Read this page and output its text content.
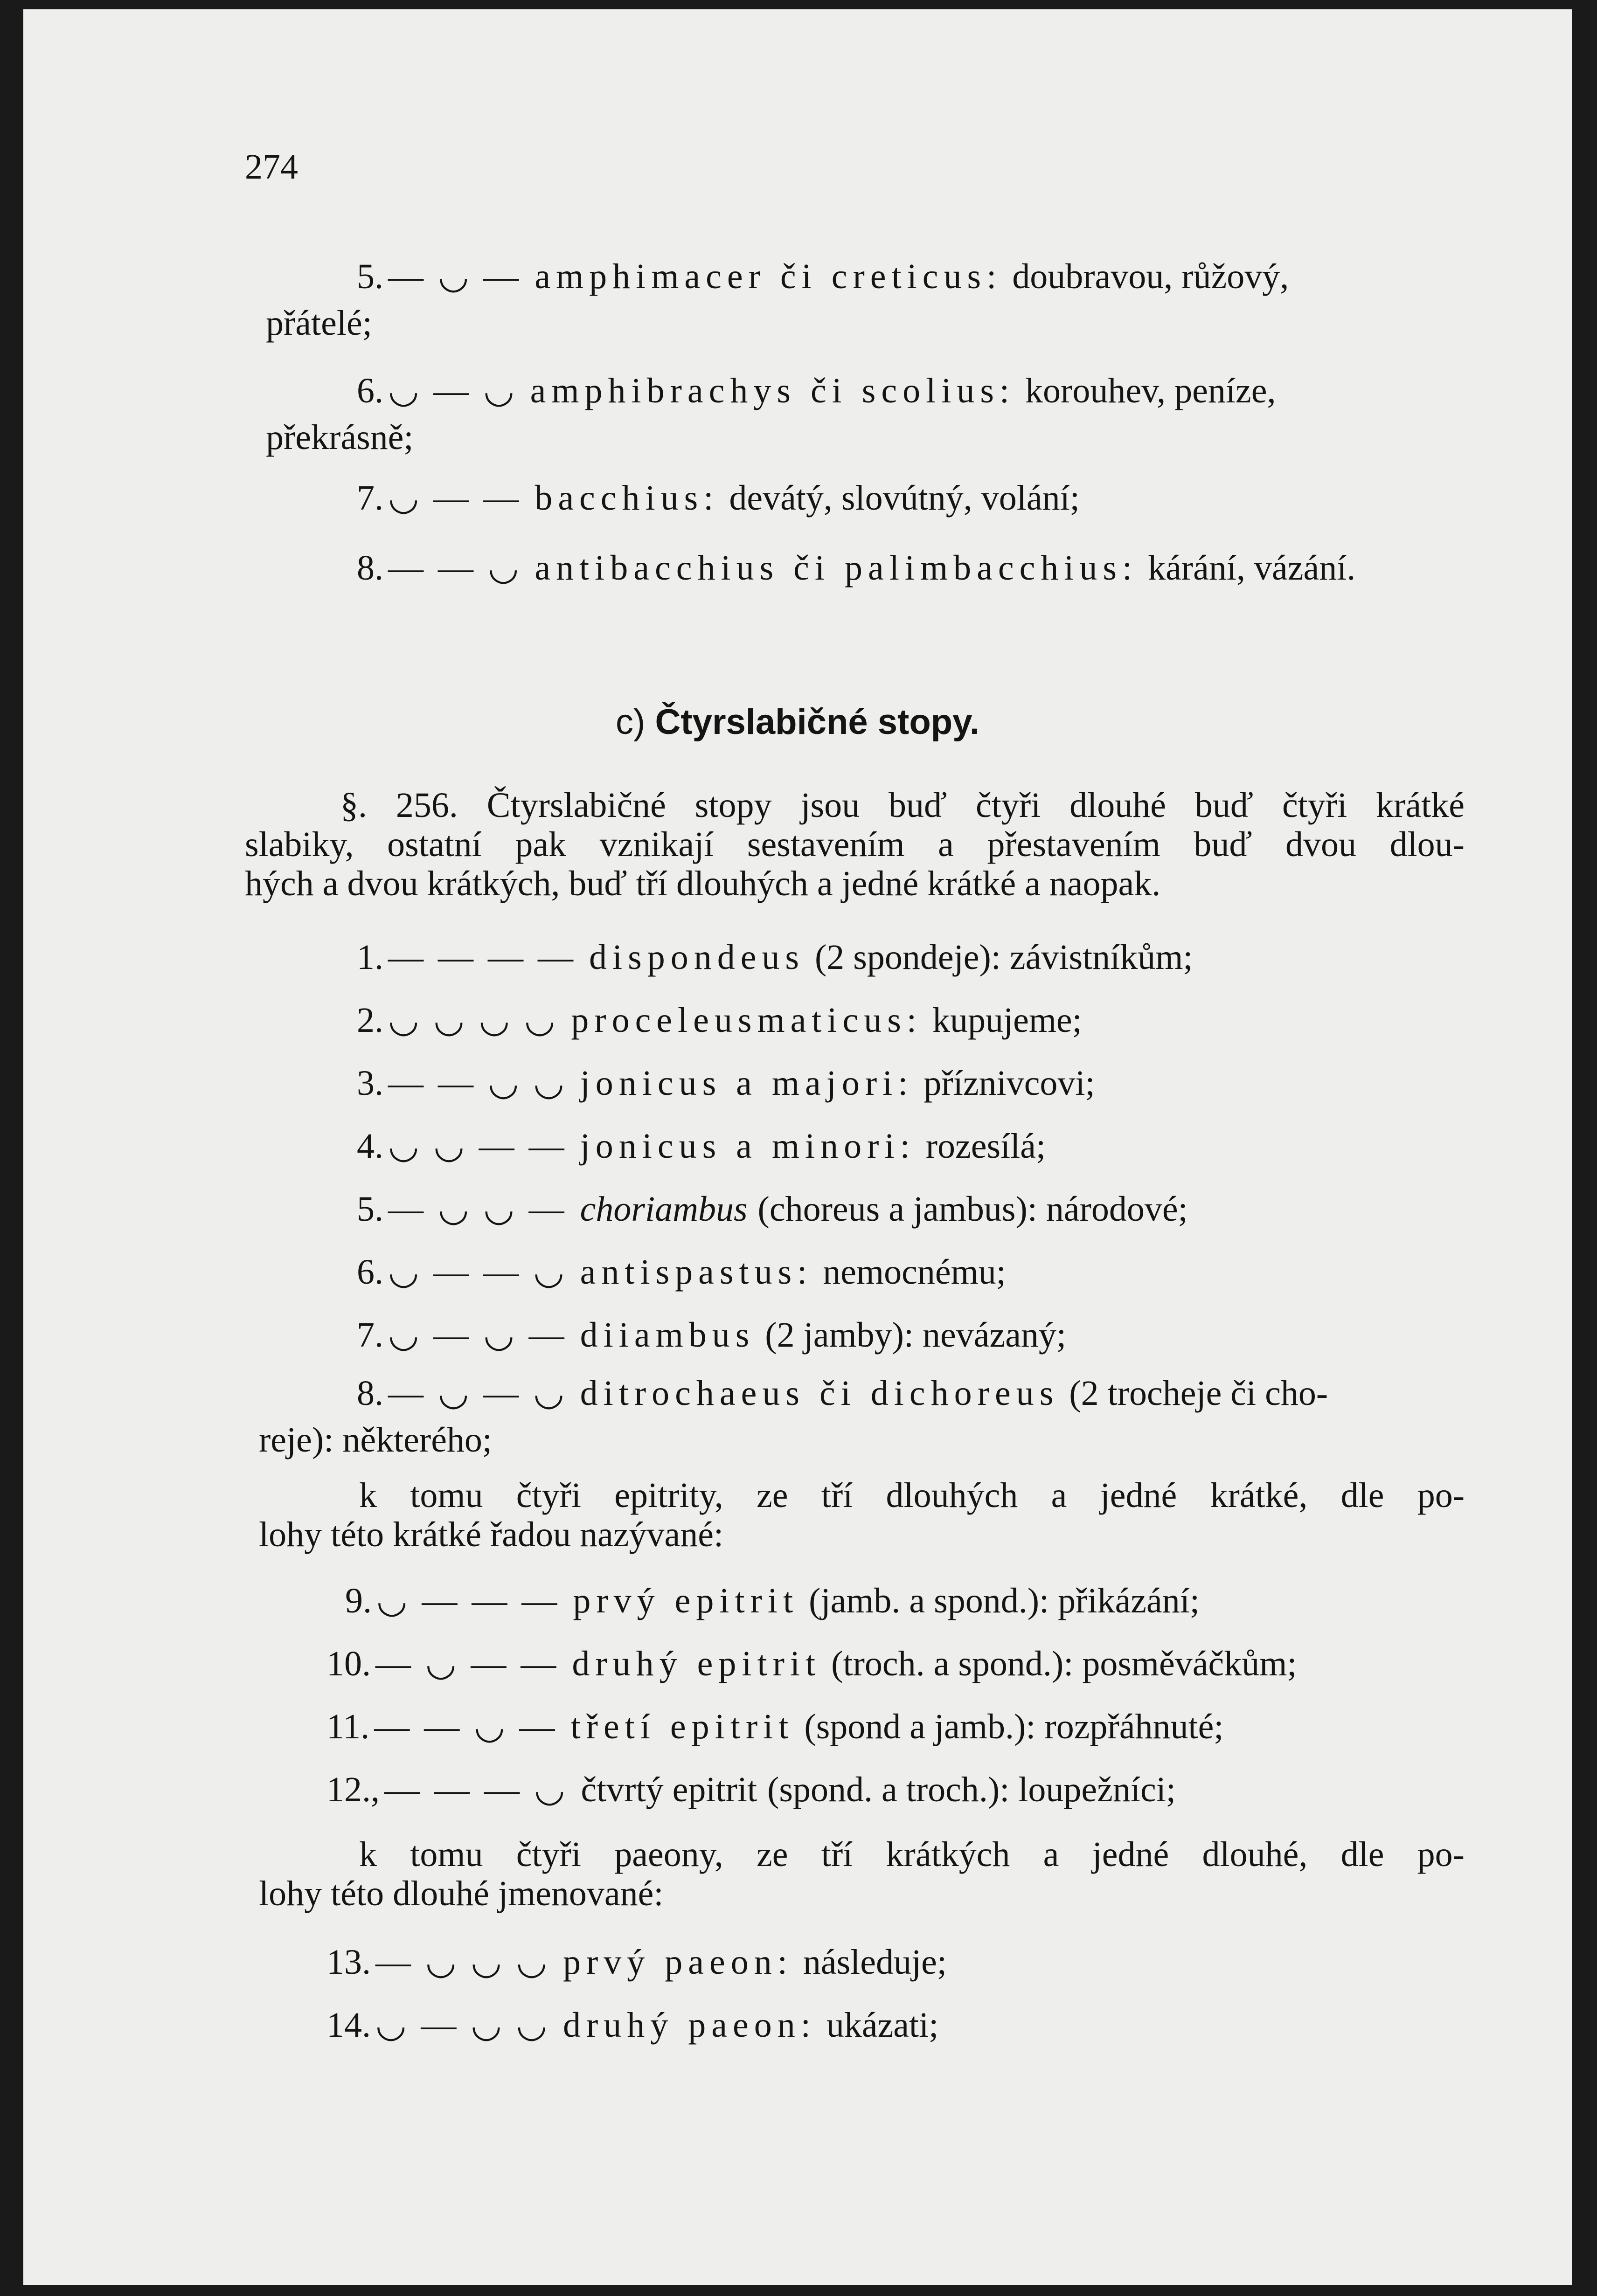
274
5. — ◡ — amphimacer či creticus: doubravou, růžový,
přátelé;
6. ◡ — ◡ amphibrachys či scolius: korouhev, peníze,
překrásně;
7. ◡ — — bacchius: devátý, slovútný, volání;
8. — — ◡ antibacchius či palimbacchius: kárání, vázání.
c) Čtyrslabičné stopy.
§. 256. Čtyrslabičné stopy jsou buď čtyři dlouhé buď čtyři krátké
slabiky, ostatní pak vznikají sestavením a přestavením buď dvou dlou-
hých a dvou krátkých, buď tří dlouhých a jedné krátké a naopak.
1. — — — — dispondeus (2 spondeje): závistníkům;
2. ◡ ◡ ◡ ◡ proceleusmaticus: kupujeme;
3. — — ◡ ◡ jonicus a majori: příznivcovi;
4. ◡ ◡ — — jonicus a minori: rozesílá;
5. — ◡ ◡ — choriambus (choreus a jambus): národové;
6. ◡ — — ◡ antispastus: nemocnému;
7. ◡ — ◡ — diiambus (2 jamby): nevázaný;
8. — ◡ — ◡ ditrochaeus či dichoreus (2 trocheje či cho-
reje): některého;
k tomu čtyři epitrity, ze tří dlouhých a jedné krátké, dle po-
lohy této krátké řadou nazývané:
9. ◡ — — — prvý epitrit (jamb. a spond.): přikázání;
10. — ◡ — — druhý epitrit (troch. a spond.): posměváčkům;
11. — — ◡ — třetí epitrit (spond a jamb.): rozpřáhnuté;
12., — — — ◡ čtvrtý epitrit (spond. a troch.): loupežníci;
k tomu čtyři paeony, ze tří krátkých a jedné dlouhé, dle po-
lohy této dlouhé jmenované:
13. — ◡ ◡ ◡ prvý paeon: následuje;
14. ◡ — ◡ ◡ druhý paeon: ukázati;
